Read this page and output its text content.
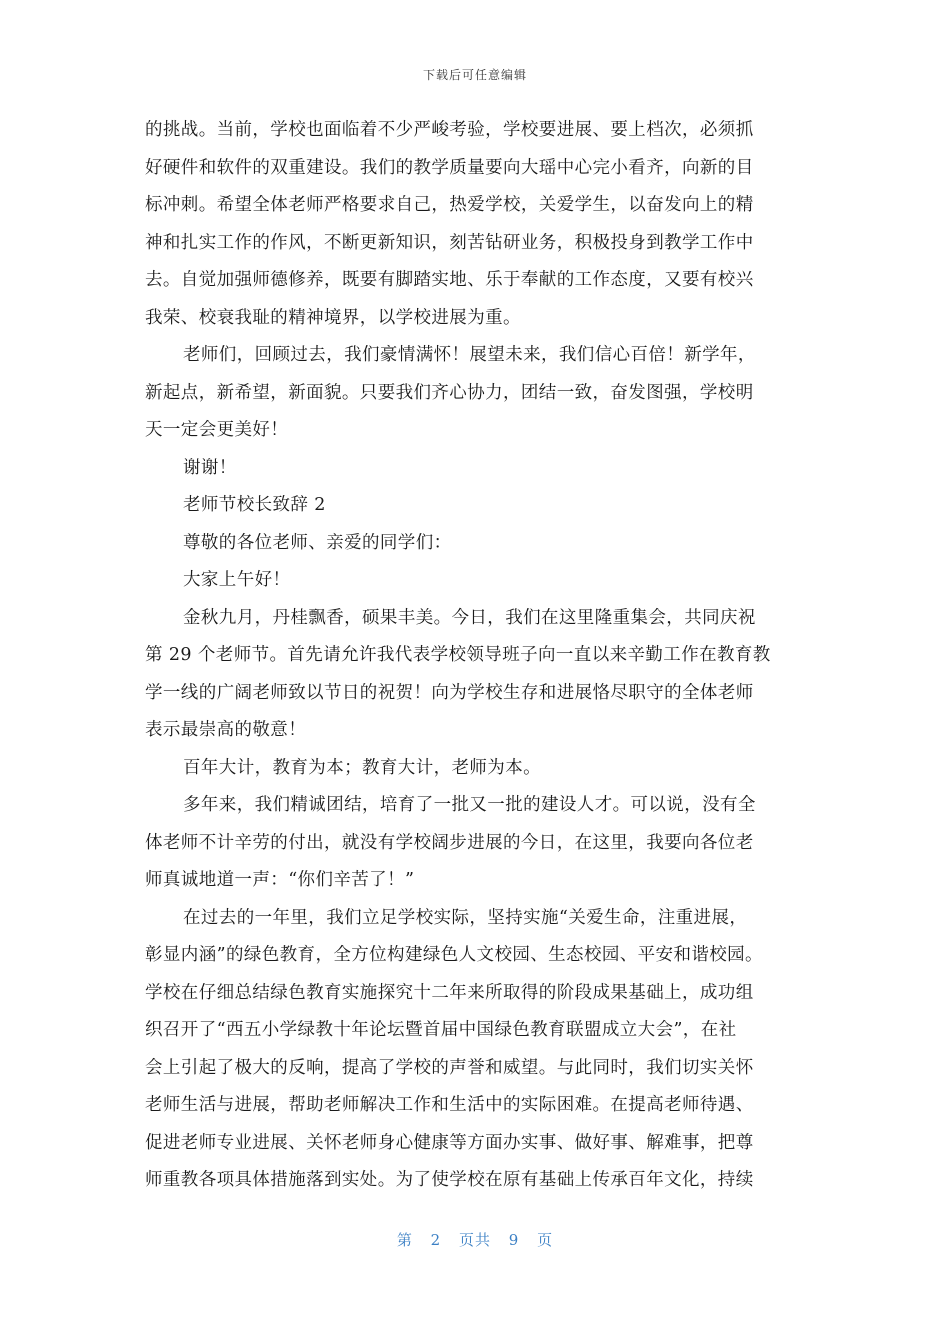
下载后可任意编辑
的挑战。当前，学校也面临着不少严峻考验，学校要进展、要上档次，必须抓
好硬件和软件的双重建设。我们的教学质量要向大瑶中心完小看齐，向新的目
标冲刺。希望全体老师严格要求自己，热爱学校，关爱学生，以奋发向上的精
神和扎实工作的作风，不断更新知识，刻苦钻研业务，积极投身到教学工作中
去。自觉加强师德修养，既要有脚踏实地、乐于奉献的工作态度，又要有校兴
我荣、校衰我耻的精神境界，以学校进展为重。
老师们，回顾过去，我们豪情满怀！展望未来，我们信心百倍！新学年，
新起点，新希望，新面貌。只要我们齐心协力，团结一致，奋发图强，学校明
天一定会更美好！
谢谢！
老师节校长致辞 2
尊敬的各位老师、亲爱的同学们：
大家上午好！
金秋九月，丹桂飘香，硕果丰美。今日，我们在这里隆重集会，共同庆祝
第 29 个老师节。首先请允许我代表学校领导班子向一直以来辛勤工作在教育教
学一线的广阔老师致以节日的祝贺！向为学校生存和进展恪尽职守的全体老师
表示最崇高的敬意！
百年大计，教育为本；教育大计，老师为本。
多年来，我们精诚团结，培育了一批又一批的建设人才。可以说，没有全
体老师不计辛劳的付出，就没有学校阔步进展的今日，在这里，我要向各位老
师真诚地道一声：“你们辛苦了！”
在过去的一年里，我们立足学校实际，坚持实施“关爱生命，注重进展，
彰显内涵”的绿色教育，全方位构建绿色人文校园、生态校园、平安和谐校园。
学校在仔细总结绿色教育实施探究十二年来所取得的阶段成果基础上，成功组
织召开了“西五小学绿教十年论坛暨首届中国绿色教育联盟成立大会”，在社
会上引起了极大的反响，提高了学校的声誉和威望。与此同时，我们切实关怀
老师生活与进展，帮助老师解决工作和生活中的实际困难。在提高老师待遇、
促进老师专业进展、关怀老师身心健康等方面办实事、做好事、解难事，把尊
师重教各项具体措施落到实处。为了使学校在原有基础上传承百年文化，持续
第 2 页共 9 页
